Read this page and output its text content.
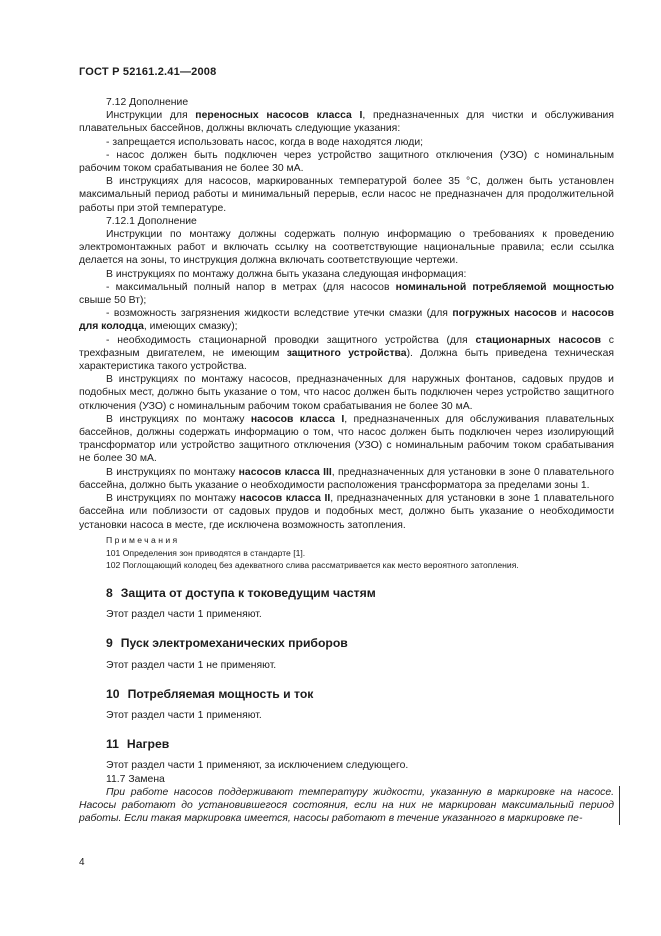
ГОСТ Р 52161.2.41—2008

7.12 Дополнение

Инструкции для переносных насосов класса I, предназначенных для чистки и обслуживания плавательных бассейнов, должны включать следующие указания:

- запрещается использовать насос, когда в воде находятся люди;

- насос должен быть подключен через устройство защитного отключения (УЗО) с номинальным рабочим током срабатывания не более 30 мА.

В инструкциях для насосов, маркированных температурой более 35 °С, должен быть установлен максимальный период работы и минимальный перерыв, если насос не предназначен для продолжительной работы при этой температуре.

7.12.1 Дополнение

Инструкции по монтажу должны содержать полную информацию о требованиях к проведению электромонтажных работ и включать ссылку на соответствующие национальные правила; если ссылка делается на зоны, то инструкция должна включать соответствующие чертежи.

В инструкциях по монтажу должна быть указана следующая информация:

- максимальный полный напор в метрах (для насосов номинальной потребляемой мощностью свыше 50 Вт);

- возможность загрязнения жидкости вследствие утечки смазки (для погружных насосов и насосов для колодца, имеющих смазку);

- необходимость стационарной проводки защитного устройства (для стационарных насосов с трехфазным двигателем, не имеющим защитного устройства). Должна быть приведена техническая характеристика такого устройства.

В инструкциях по монтажу насосов, предназначенных для наружных фонтанов, садовых прудов и подобных мест, должно быть указание о том, что насос должен быть подключен через устройство защитного отключения (УЗО) с номинальным рабочим током срабатывания не более 30 мА.

В инструкциях по монтажу насосов класса I, предназначенных для обслуживания плавательных бассейнов, должны содержать информацию о том, что насос должен быть подключен через изолирующий трансформатор или устройство защитного отключения (УЗО) с номинальным рабочим током срабатывания не более 30 мА.

В инструкциях по монтажу насосов класса III, предназначенных для установки в зоне 0 плавательного бассейна, должно быть указание о необходимости расположения трансформатора за пределами зоны 1.

В инструкциях по монтажу насосов класса II, предназначенных для установки в зоне 1 плавательного бассейна или поблизости от садовых прудов и подобных мест, должно быть указание о необходимости установки насоса в месте, где исключена возможность затопления.

Примечания

101 Определения зон приводятся в стандарте [1].

102 Поглощающий колодец без адекватного слива рассматривается как место вероятного затопления.

8 Защита от доступа к токоведущим частям

Этот раздел части 1 применяют.

9 Пуск электромеханических приборов

Этот раздел части 1 не применяют.

10 Потребляемая мощность и ток

Этот раздел части 1 применяют.

11 Нагрев

Этот раздел части 1 применяют, за исключением следующего.

11.7 Замена

При работе насосов поддерживают температуру жидкости, указанную в маркировке на насосе. Насосы работают до установившегося состояния, если на них не маркирован максимальный период работы. Если такая маркировка имеется, насосы работают в течение указанного в маркировке пе-

4
